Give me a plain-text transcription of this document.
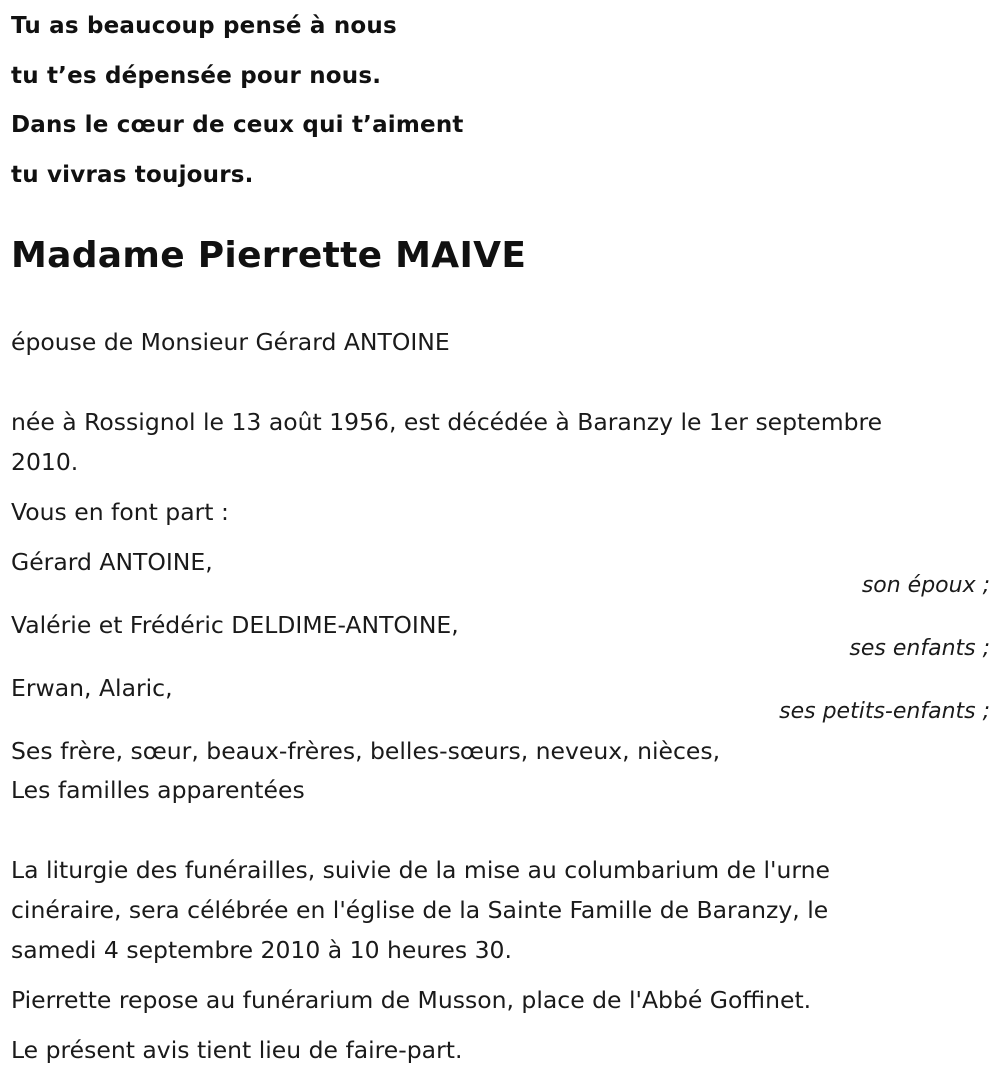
Tu as beaucoup pensé à nous
tu t’es dépensée pour nous.
Dans le cœur de ceux qui t’aiment
tu vivras toujours.
Madame Pierrette MAIVE
épouse de Monsieur Gérard ANTOINE
née à Rossignol le 13 août 1956, est décédée à Baranzy le 1er septembre
2010.
Vous en font part :
Gérard ANTOINE,
son époux ;
Valérie et Frédéric DELDIME-ANTOINE,
ses enfants ;
Erwan, Alaric,
ses petits-enfants ;
Ses frère, sœur, beaux-frères, belles-sœurs, neveux, nièces,
Les familles apparentées
La liturgie des funérailles, suivie de la mise au columbarium de l'urne
cinéraire, sera célébrée en l'église de la Sainte Famille de Baranzy, le
samedi 4 septembre 2010 à 10 heures 30.
Pierrette repose au funérarium de Musson, place de l'Abbé Goffinet.
Le présent avis tient lieu de faire-part.
